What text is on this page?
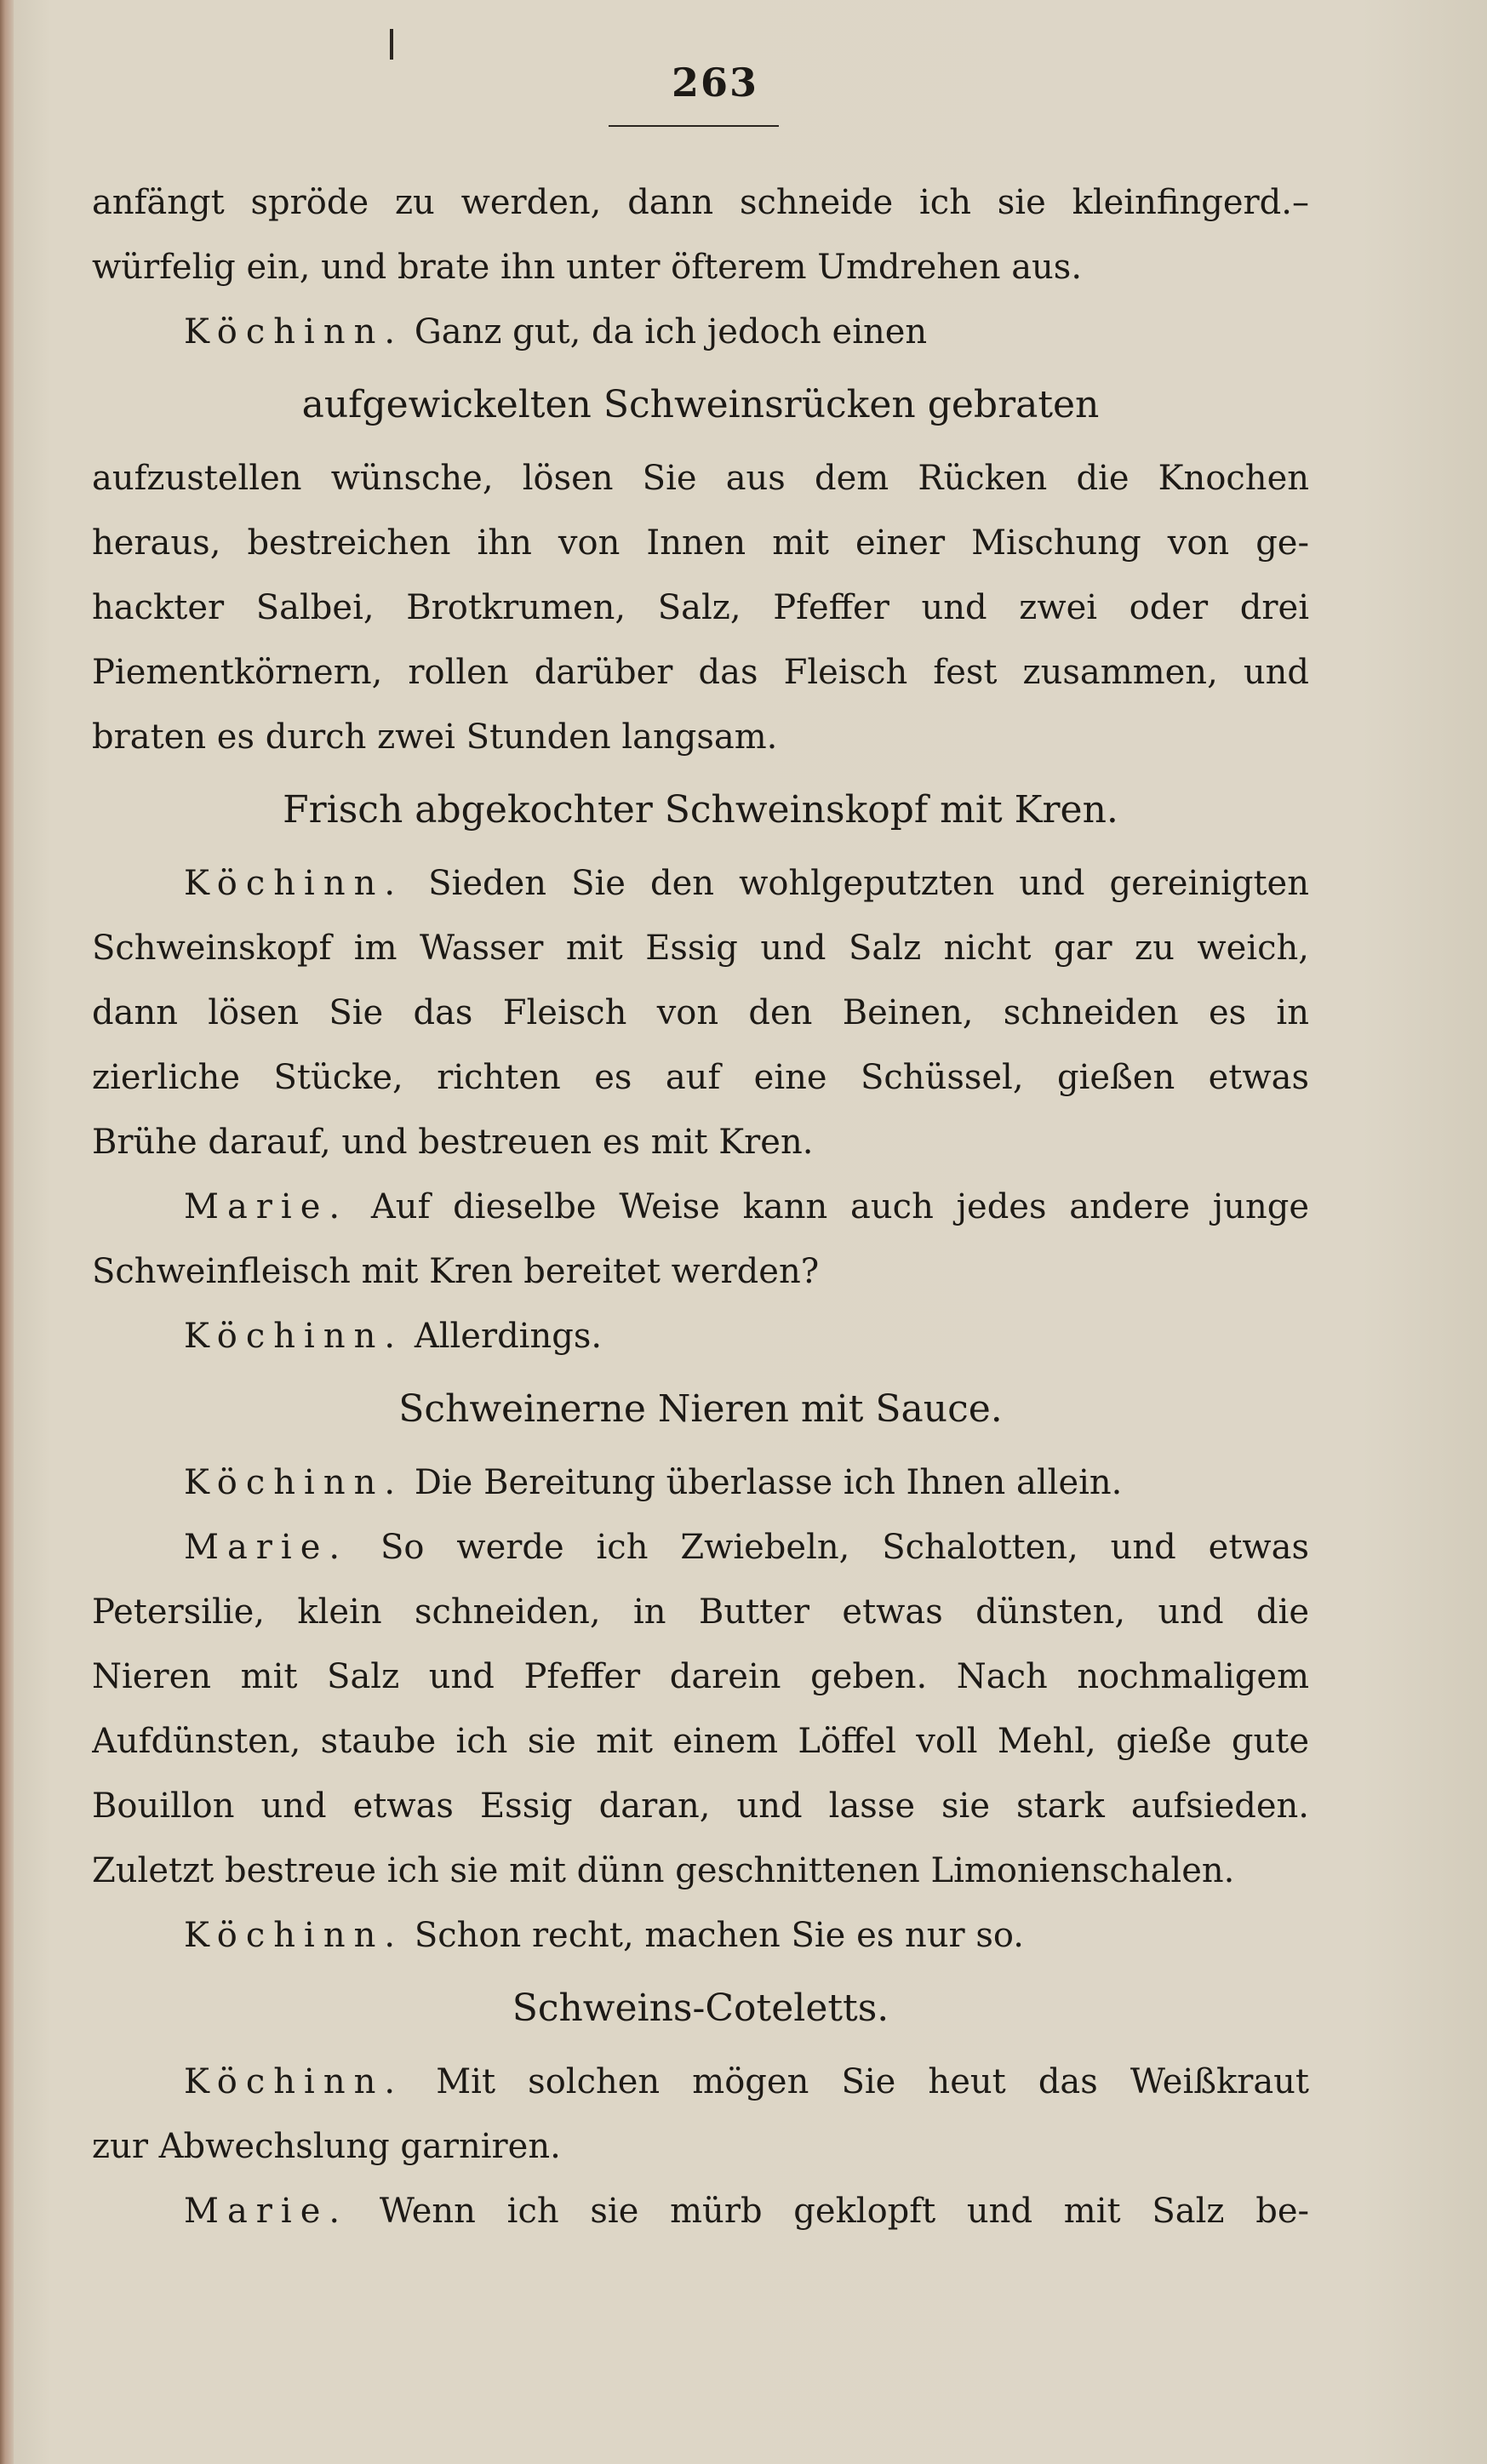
263
anfängt spröde zu werden, dann schneide ich sie kleinfingerd.–
würfelig ein, und brate ihn unter öfterem Umdrehen aus.
Köchinn. Ganz gut, da ich jedoch einen
aufgewickelten Schweinsrücken gebraten
aufzustellen wünsche, lösen Sie aus dem Rücken die Knochen
heraus, bestreichen ihn von Innen mit einer Mischung von ge-
hackter Salbei, Brotkrumen, Salz, Pfeffer und zwei oder drei
Piementkörnern, rollen darüber das Fleisch fest zusammen, und
braten es durch zwei Stunden langsam.
Frisch abgekochter Schweinskopf mit Kren.
Köchinn. Sieden Sie den wohlgeputzten und gereinigten
Schweinskopf im Wasser mit Essig und Salz nicht gar zu weich,
dann lösen Sie das Fleisch von den Beinen, schneiden es in
zierliche Stücke, richten es auf eine Schüssel, gießen etwas
Brühe darauf, und bestreuen es mit Kren.
Marie. Auf dieselbe Weise kann auch jedes andere junge
Schweinfleisch mit Kren bereitet werden?
Köchinn. Allerdings.
Schweinerne Nieren mit Sauce.
Köchinn. Die Bereitung überlasse ich Ihnen allein.
Marie. So werde ich Zwiebeln, Schalotten, und etwas
Petersilie, klein schneiden, in Butter etwas dünsten, und die
Nieren mit Salz und Pfeffer darein geben. Nach nochmaligem
Aufdünsten, staube ich sie mit einem Löffel voll Mehl, gieße gute
Bouillon und etwas Essig daran, und lasse sie stark aufsieden.
Zuletzt bestreue ich sie mit dünn geschnittenen Limonienschalen.
Köchinn. Schon recht, machen Sie es nur so.
Schweins-Coteletts.
Köchinn. Mit solchen mögen Sie heut das Weißkraut
zur Abwechslung garniren.
Marie. Wenn ich sie mürb geklopft und mit Salz be-
